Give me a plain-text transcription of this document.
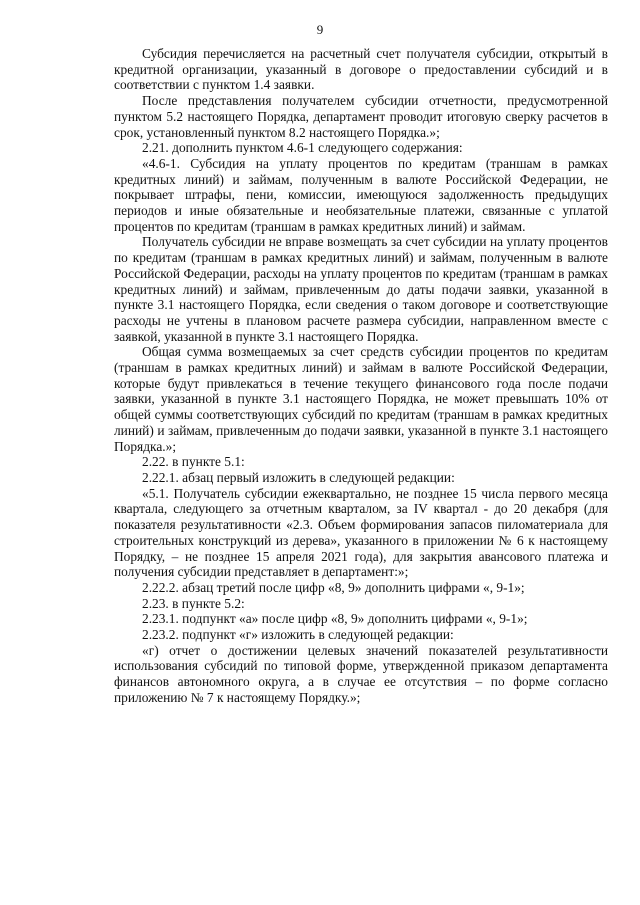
9

Субсидия перечисляется на расчетный счет получателя субсидии, открытый в кредитной организации, указанный в договоре о предоставлении субсидий и в соответствии с пунктом 1.4 заявки.

После представления получателем субсидии отчетности, предусмотренной пунктом 5.2 настоящего Порядка, департамент проводит итоговую сверку расчетов в срок, установленный пунктом 8.2 настоящего Порядка.»;

2.21. дополнить пунктом 4.6-1 следующего содержания:

«4.6-1. Субсидия на уплату процентов по кредитам (траншам в рамках кредитных линий) и займам, полученным в валюте Российской Федерации, не покрывает штрафы, пени, комиссии, имеющуюся задолженность предыдущих периодов и иные обязательные и необязательные платежи, связанные с уплатой процентов по кредитам (траншам в рамках кредитных линий) и займам.

Получатель субсидии не вправе возмещать за счет субсидии на уплату процентов по кредитам (траншам в рамках кредитных линий) и займам, полученным в валюте Российской Федерации, расходы на уплату процентов по кредитам (траншам в рамках кредитных линий) и займам, привлеченным до даты подачи заявки, указанной в пункте 3.1 настоящего Порядка, если сведения о таком договоре и соответствующие расходы не учтены в плановом расчете размера субсидии, направленном вместе с заявкой, указанной в пункте 3.1 настоящего Порядка.

Общая сумма возмещаемых за счет средств субсидии процентов по кредитам (траншам в рамках кредитных линий) и займам в валюте Российской Федерации, которые будут привлекаться в течение текущего финансового года после подачи заявки, указанной в пункте 3.1 настоящего Порядка, не может превышать 10% от общей суммы соответствующих субсидий по кредитам (траншам в рамках кредитных линий) и займам, привлеченным до подачи заявки, указанной в пункте 3.1 настоящего Порядка.»;

2.22. в пункте 5.1:

2.22.1. абзац первый изложить в следующей редакции:

«5.1. Получатель субсидии ежеквартально, не позднее 15 числа первого месяца квартала, следующего за отчетным кварталом, за IV квартал - до 20 декабря (для показателя результативности «2.3. Объем формирования запасов пиломатериала для строительных конструкций из дерева», указанного в приложении № 6 к настоящему Порядку, – не позднее 15 апреля 2021 года), для закрытия авансового платежа и получения субсидии представляет в департамент:»;

2.22.2. абзац третий после цифр «8, 9» дополнить цифрами «, 9-1»;

2.23. в пункте 5.2:

2.23.1. подпункт «а» после цифр «8, 9» дополнить цифрами «, 9-1»;

2.23.2. подпункт «г» изложить в следующей редакции:

«г) отчет о достижении целевых значений показателей результативности использования субсидий по типовой форме, утвержденной приказом департамента финансов автономного округа, а в случае ее отсутствия – по форме согласно приложению № 7 к настоящему Порядку.»;
